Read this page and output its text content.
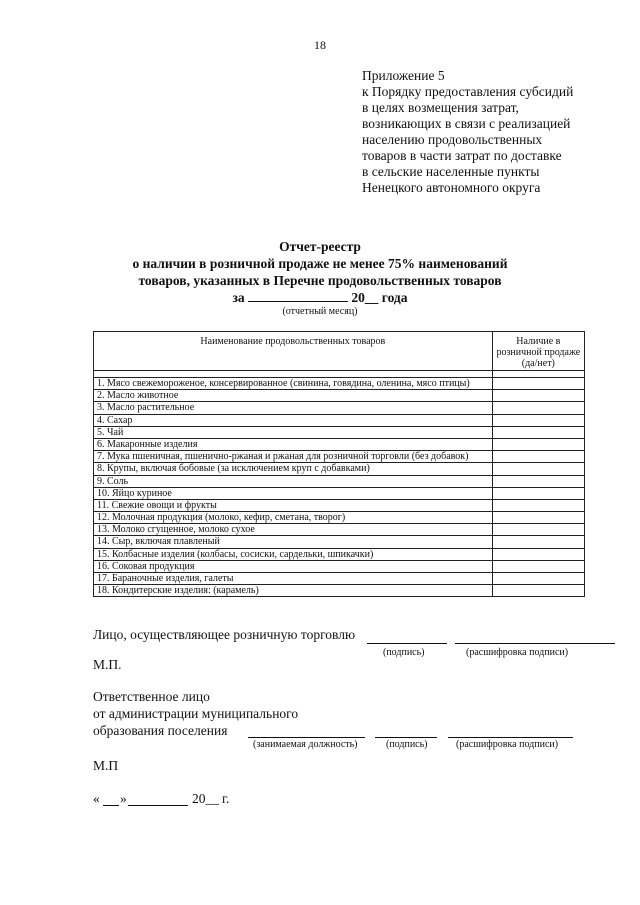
18
Приложение 5
к Порядку предоставления субсидий
в целях возмещения затрат,
возникающих в связи с реализацией
населению продовольственных
товаров в части затрат по доставке
в сельские населенные пункты
Ненецкого автономного округа
Отчет-реестр
о наличии в розничной продаже не менее 75% наименований
товаров, указанных в Перечне продовольственных товаров
за	20__ года
(отчетный месяц)
Наименование продовольственных товаров	Наличие в розничной продаже (да/нет)

1. Мясо свежемороженое, консервированное (свинина, говядина, оленина, мясо птицы)	
2. Масло животное	
3. Масло растительное	
4. Сахар	
5. Чай	
6. Макаронные изделия	
7. Мука пшеничная, пшенично-ржаная и ржаная для розничной торговли (без добавок)	
8. Крупы, включая бобовые (за исключением круп с добавками)	
9. Соль	
10. Яйцо куриное	
11. Свежие овощи и фрукты	
12. Молочная продукция (молоко, кефир, сметана, творог)	
13. Молоко сгущенное, молоко сухое	
14. Сыр, включая плавленый	
15. Колбасные изделия (колбасы, сосиски, сардельки, шпикачки)	
16. Соковая продукция	
17. Бараночные изделия, галеты	
18. Кондитерские изделия: (карамель)	
Лицо, осуществляющее розничную торговлю
(подпись)	(расшифровка подписи)
М.П.
Ответственное лицо
от администрации муниципального
образования поселения
(занимаемая должность)	(подпись)	(расшифровка подписи)
М.П
« »	20__ г.
